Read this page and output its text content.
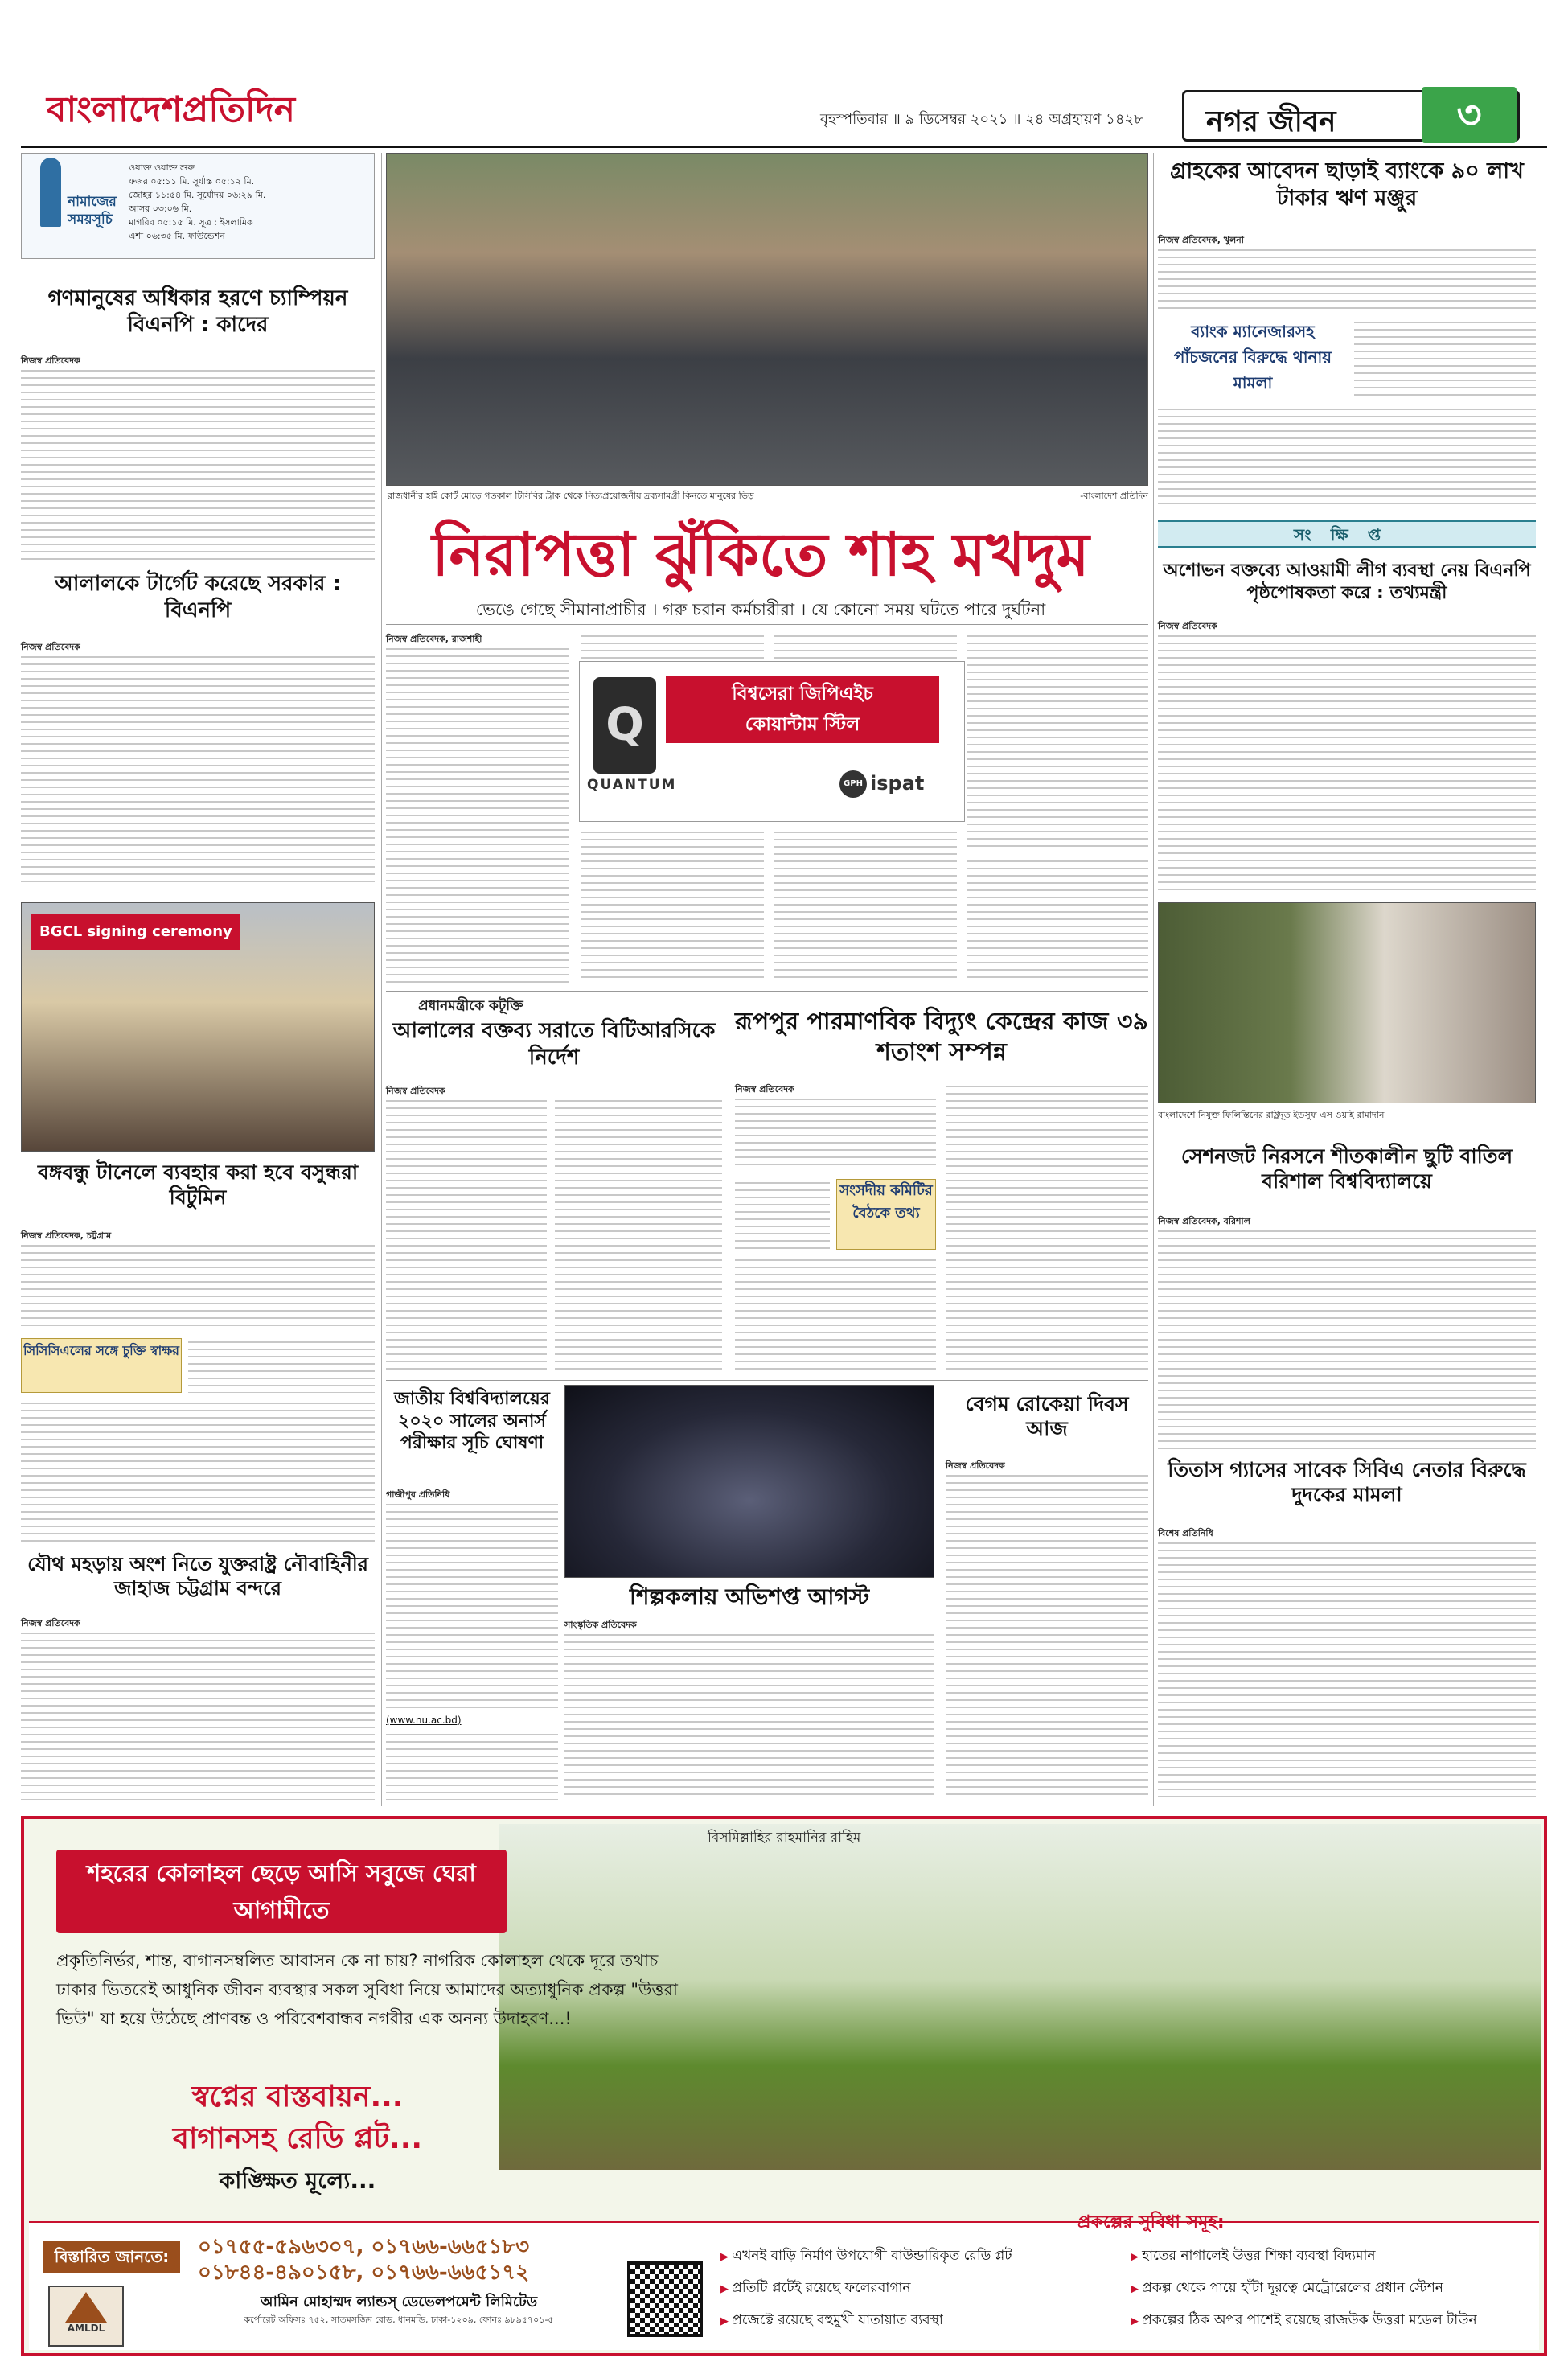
বাংলাদেশপ্রতিদিন	বৃহস্পতিবার ॥ ৯ ডিসেম্বর ২০২১ ॥ ২৪ অগ্রহায়ণ ১৪২৮	নগর জীবন	৩
নামাজের সময়সূচি
ওয়াক্ত ওয়াক্ত শুরু
ফজর ০৫:১১ মি. সূর্যাস্ত ০৫:১২ মি.
জোহর ১১:৫৪ মি. সূর্যোদয় ০৬:২৯ মি.
আসর ০৩:০৬ মি.
মাগরিব ০৫:১৫ মি. সূত্র : ইসলামিক
এশা ০৬:৩৫ মি. ফাউন্ডেশন
গণমানুষের অধিকার হরণে চ্যাম্পিয়ন বিএনপি : কাদের
নিজস্ব প্রতিবেদক
আলালকে টার্গেট করেছে সরকার : বিএনপি
নিজস্ব প্রতিবেদক
BGCL signing ceremony
বঙ্গবন্ধু টানেলে ব্যবহার করা হবে বসুন্ধরা বিটুমিন
নিজস্ব প্রতিবেদক, চট্টগ্রাম
সিসিসিএলের সঙ্গে চুক্তি স্বাক্ষর
যৌথ মহড়ায় অংশ নিতে যুক্তরাষ্ট্র নৌবাহিনীর জাহাজ চট্টগ্রাম বন্দরে
নিজস্ব প্রতিবেদক
রাজধানীর হাই কোর্ট মোড়ে গতকাল টিসিবির ট্রাক থেকে নিত্যপ্রয়োজনীয় দ্রব্যসামগ্রী কিনতে মানুষের ভিড়	-বাংলাদেশ প্রতিদিন
নিরাপত্তা ঝুঁকিতে শাহ মখদুম
ভেঙে গেছে সীমানাপ্রাচীর । গরু চরান কর্মচারীরা । যে কোনো সময় ঘটতে পারে দুর্ঘটনা
নিজস্ব প্রতিবেদক, রাজশাহী
Q
বিশ্বসেরা জিপিএইচ
কোয়ান্টাম স্টিল
QUANTUM	GPH ispat
প্রধানমন্ত্রীকে কটূক্তি
আলালের বক্তব্য সরাতে বিটিআরসিকে নির্দেশ
নিজস্ব প্রতিবেদক
রূপপুর পারমাণবিক বিদ্যুৎ কেন্দ্রের কাজ ৩৯ শতাংশ সম্পন্ন
নিজস্ব প্রতিবেদক
সংসদীয় কমিটির বৈঠকে তথ্য
জাতীয় বিশ্ববিদ্যালয়ের ২০২০ সালের অনার্স পরীক্ষার সূচি ঘোষণা
গাজীপুর প্রতিনিধি
(www.nu.ac.bd)
শিল্পকলায় অভিশপ্ত আগস্ট
সাংস্কৃতিক প্রতিবেদক
বেগম রোকেয়া দিবস আজ
নিজস্ব প্রতিবেদক
গ্রাহকের আবেদন ছাড়াই ব্যাংকে ৯০ লাখ টাকার ঋণ মঞ্জুর
নিজস্ব প্রতিবেদক, খুলনা
ব্যাংক ম্যানেজারসহ পাঁচজনের বিরুদ্ধে থানায় মামলা
সংক্ষিপ্ত
অশোভন বক্তব্যে আওয়ামী লীগ ব্যবস্থা নেয় বিএনপি পৃষ্ঠপোষকতা করে : তথ্যমন্ত্রী
নিজস্ব প্রতিবেদক
বাংলাদেশে নিযুক্ত ফিলিস্তিনের রাষ্ট্রদূত ইউসুফ এস ওয়াই রামাদান
সেশনজট নিরসনে শীতকালীন ছুটি বাতিল বরিশাল বিশ্ববিদ্যালয়ে
নিজস্ব প্রতিবেদক, বরিশাল
তিতাস গ্যাসের সাবেক সিবিএ নেতার বিরুদ্ধে দুদকের মামলা
বিশেষ প্রতিনিধি
বিসমিল্লাহির রাহমানির রাহিম
শহরের কোলাহল ছেড়ে আসি সবুজে ঘেরা আগামীতে
প্রকৃতিনির্ভর, শান্ত, বাগানসম্বলিত আবাসন কে না চায়? নাগরিক কোলাহল থেকে দূরে তথাচ ঢাকার ভিতরেই আধুনিক জীবন ব্যবস্থার সকল সুবিধা নিয়ে আমাদের অত্যাধুনিক প্রকল্প "উত্তরা ভিউ" যা হয়ে উঠেছে প্রাণবন্ত ও পরিবেশবান্ধব নগরীর এক অনন্য উদাহরণ...!
স্বপ্নের বাস্তবায়ন...
বাগানসহ রেডি প্লট...
কাঙ্ক্ষিত মূল্যে...
বিস্তারিত জানতে:	০১৭৫৫-৫৯৬৩০৭, ০১৭৬৬-৬৬৫১৮৩
০১৮৪৪-৪৯০১৫৮, ০১৭৬৬-৬৬৫১৭২
AMLDL
আমিন মোহাম্মদ ল্যান্ডস্ ডেভেলপমেন্ট লিমিটেড
কর্পোরেট অফিসঃ ৭৫২, সাতমসজিদ রোড, ধানমন্ডি, ঢাকা-১২০৯, ফোনঃ ৯৮৯৫৭০১-৫
প্রকল্পের সুবিধা সমূহ:
▶ এখনই বাড়ি নির্মাণ উপযোগী বাউন্ডারিকৃত রেডি প্লট
▶ প্রতিটি প্লটেই রয়েছে ফলেরবাগান
▶ প্রজেক্টে রয়েছে বহুমুখী যাতায়াত ব্যবস্থা
▶ হাতের নাগালেই উত্তর শিক্ষা ব্যবস্থা বিদ্যমান
▶ প্রকল্প থেকে পায়ে হাঁটা দূরত্বে মেট্রোরেলের প্রধান স্টেশন
▶ প্রকল্পের ঠিক অপর পাশেই রয়েছে রাজউক উত্তরা মডেল টাউন
